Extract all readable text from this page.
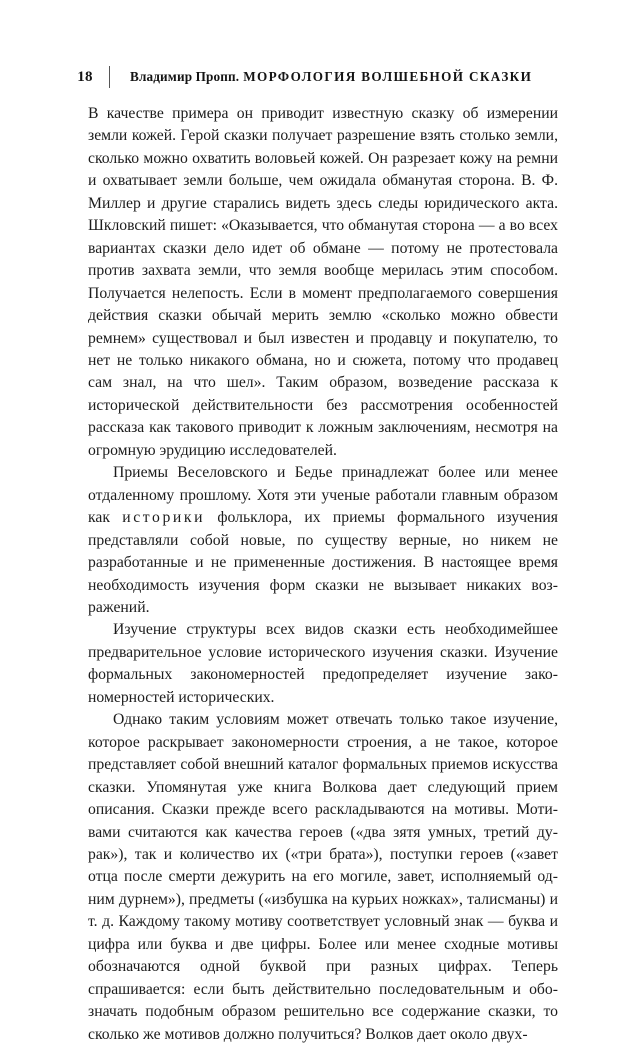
18	Владимир Пропп. МОРФОЛОГИЯ ВОЛШЕБНОЙ СКАЗКИ

В качестве примера он приводит известную сказку об измерении земли кожей. Герой сказки получает разрешение взять столько земли, сколько можно охватить воловьей кожей. Он разрезает кожу на ремни и охватывает земли больше, чем ожидала обманутая сторона. В. Ф. Миллер и другие старались видеть здесь следы юридического акта. Шкловский пишет: «Оказывается, что обманутая сторона — а во всех вариантах сказки дело идет об обмане — потому не протестовала против захвата земли, что земля вообще мерилась этим способом. Получается нелепость. Если в момент предполагаемого совершения действия сказки обычай мерить землю «сколько можно обвести ремнем» существовал и был известен и продавцу и покупателю, то нет не только никакого обмана, но и сюжета, потому что продавец сам знал, на что шел». Таким образом, возведение рассказа к исторической действительности без рассмотрения особенностей рассказа как такового приводит к ложным заключениям, несмотря на огромную эрудицию исследователей.

Приемы Веселовского и Бедье принадлежат более или менее отдаленному прошлому. Хотя эти ученые работали главным образом как историки фольклора, их приемы формального изучения представляли собой новые, по существу верные, но никем не разработанные и не примененные достижения. В настоящее время необходимость изучения форм сказки не вызывает никаких возражений.

Изучение структуры всех видов сказки есть необходимейшее предварительное условие исторического изучения сказки. Изучение формальных закономерностей предопределяет изучение закономерностей исторических.

Однако таким условиям может отвечать только такое изучение, которое раскрывает закономерности строения, а не такое, которое представляет собой внешний каталог формальных приемов искусства сказки. Упомянутая уже книга Волкова дает следующий прием описания. Сказки прежде всего раскладываются на мотивы. Мотивами считаются как качества героев («два зятя умных, третий дурак»), так и количество их («три брата»), поступки героев («завет отца после смерти дежурить на его могиле, завет, исполняемый одним дурнем»), предметы («избушка на курьих ножках», талисманы) и т. д. Каждому такому мотиву соответствует условный знак — буква и цифра или буква и две цифры. Более или менее сходные мотивы обозначаются одной буквой при разных цифрах. Теперь спрашивается: если быть действительно последовательным и обозначать подобным образом решительно все содержание сказки, то сколько же мотивов должно получиться? Волков дает около двух-
